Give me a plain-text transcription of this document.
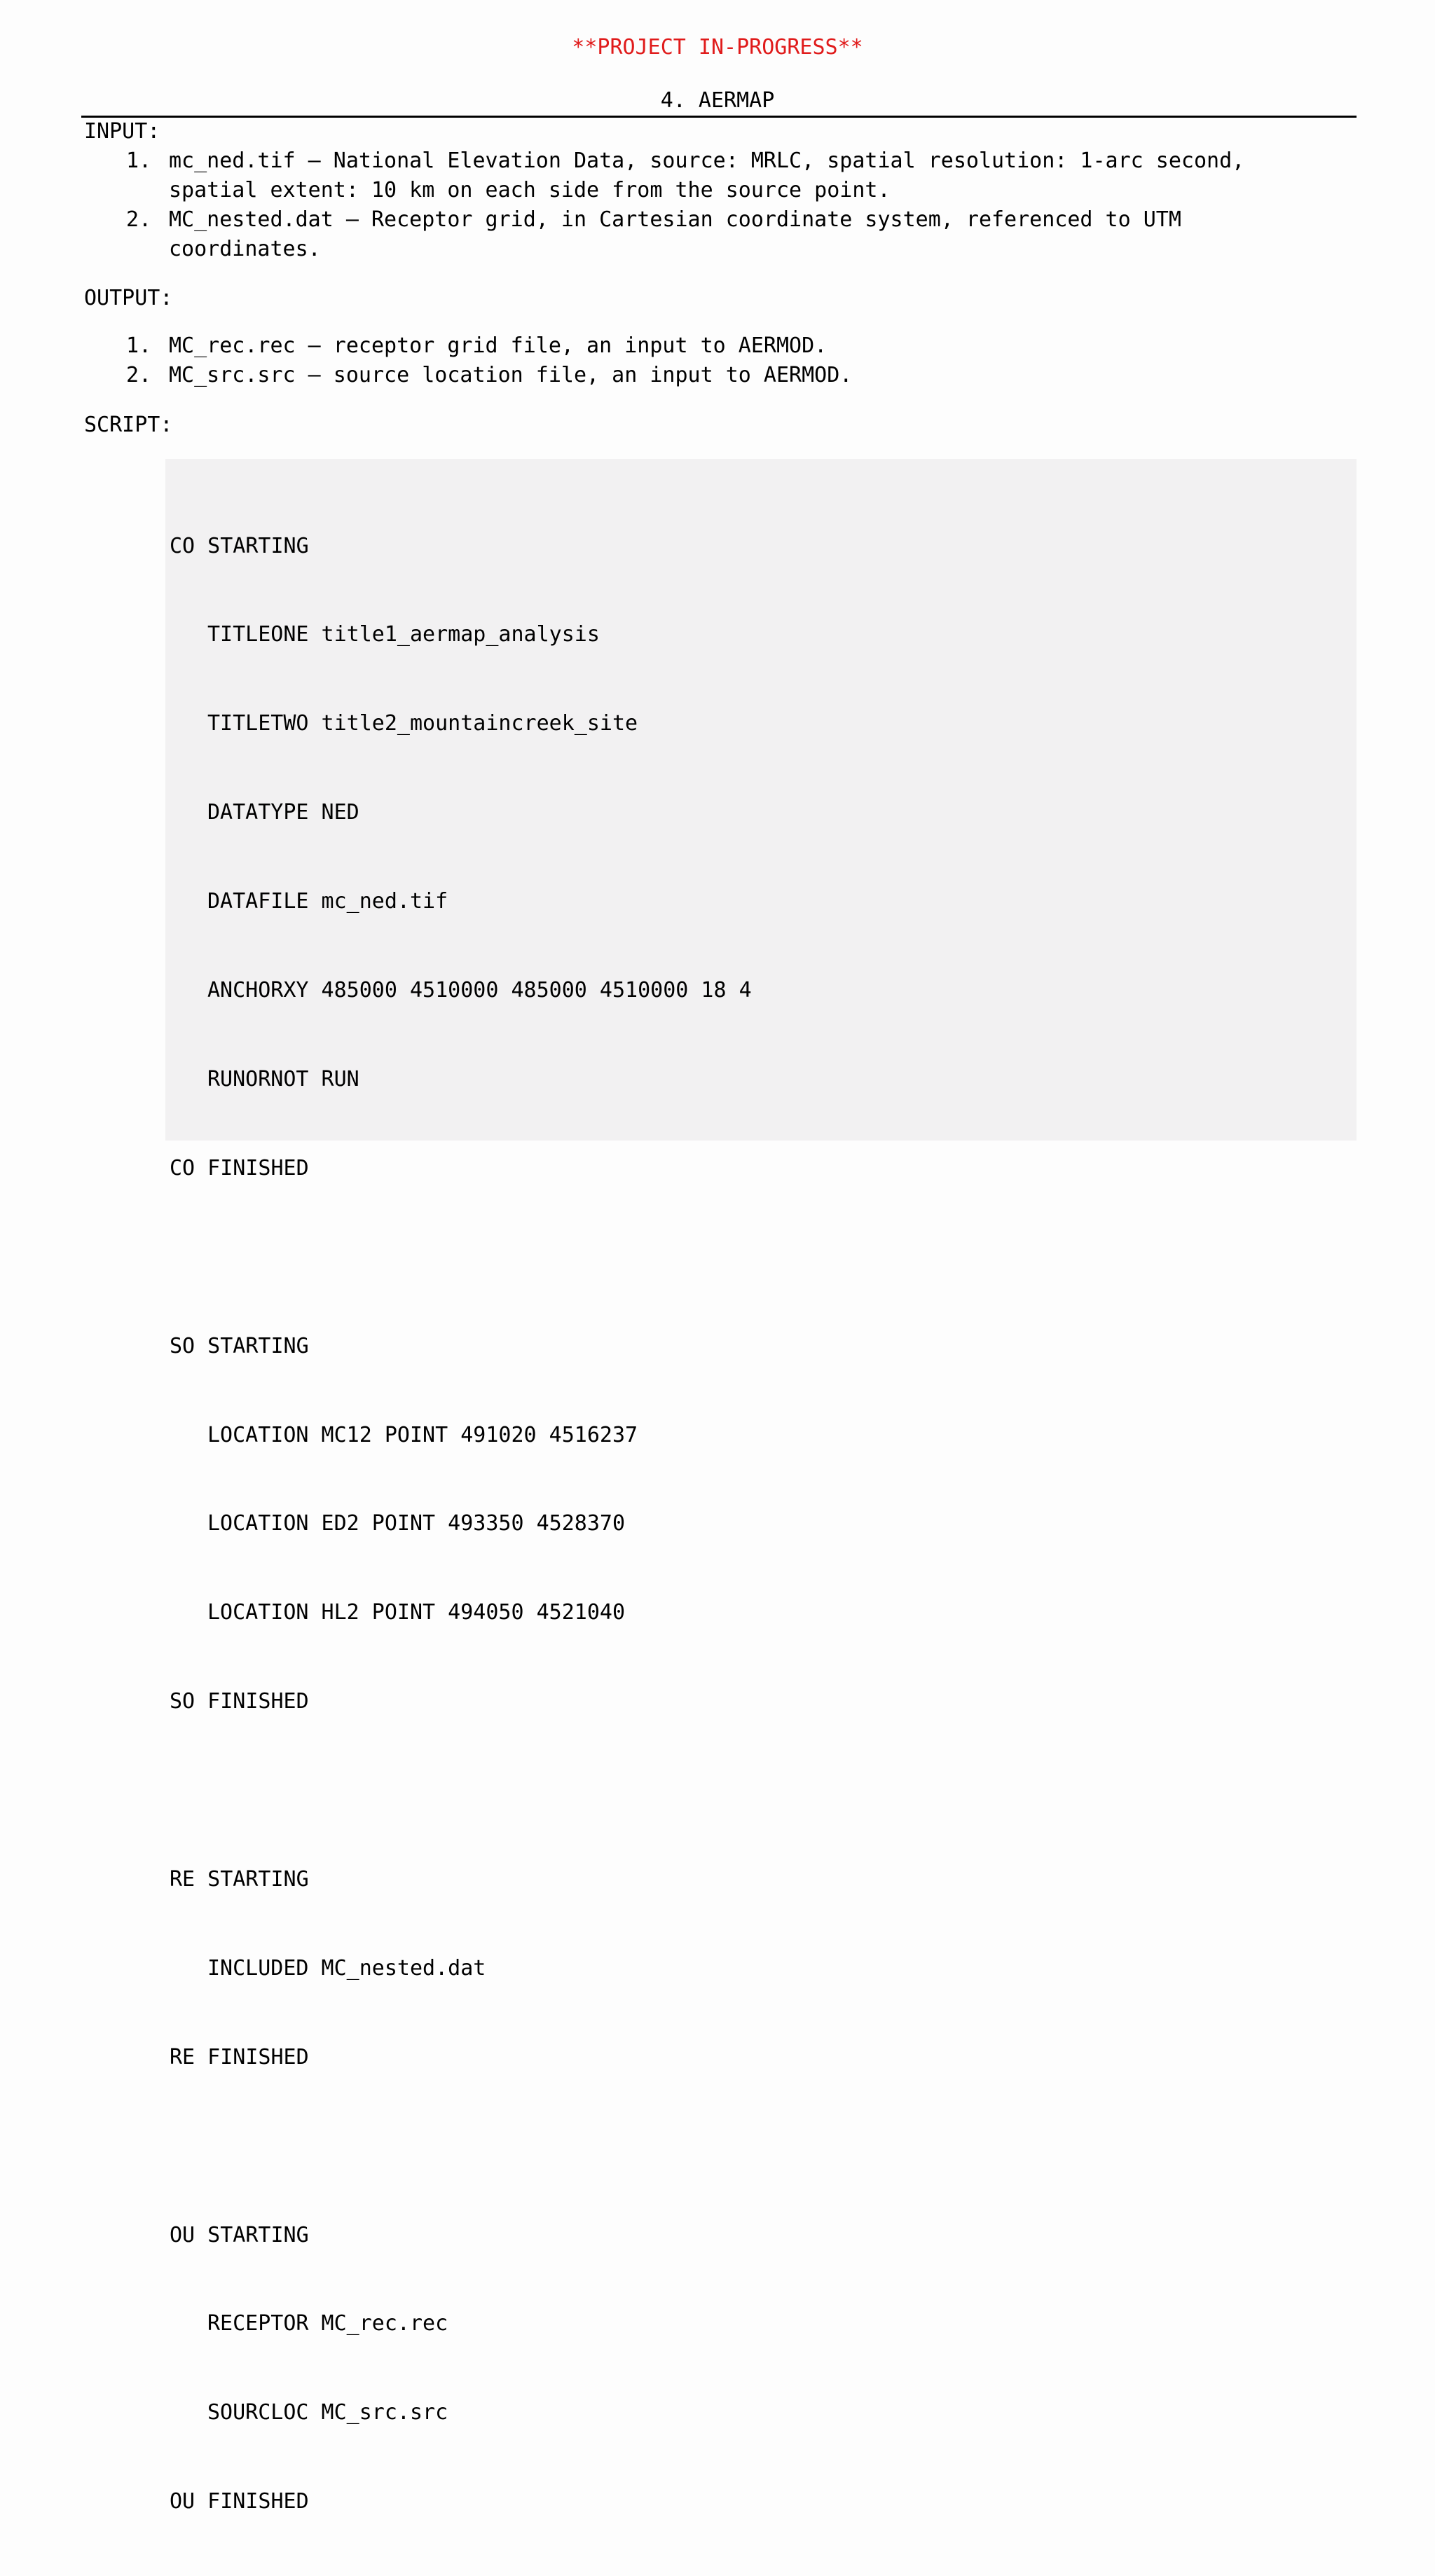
**PROJECT IN-PROGRESS**
4. AERMAP
INPUT:
1. mc_ned.tif – National Elevation Data, source: MRLC, spatial resolution: 1-arc second, spatial extent: 10 km on each side from the source point.
2. MC_nested.dat – Receptor grid, in Cartesian coordinate system, referenced to UTM coordinates.
OUTPUT:
1. MC_rec.rec – receptor grid file, an input to AERMOD.
2. MC_src.src – source location file, an input to AERMOD.
SCRIPT:

CO STARTING

TITLEONE title1_aermap_analysis

TITLETWO title2_mountaincreek_site

DATATYPE NED

DATAFILE mc_ned.tif

ANCHORXY 485000 4510000 485000 4510000 18 4

RUNORNOT RUN

CO FINISHED

SO STARTING

LOCATION MC12 POINT 491020 4516237

LOCATION ED2 POINT 493350 4528370

LOCATION HL2 POINT 494050 4521040

SO FINISHED

RE STARTING

INCLUDED MC_nested.dat

RE FINISHED

OU STARTING

RECEPTOR MC_rec.rec

SOURCLOC MC_src.src

OU FINISHED
